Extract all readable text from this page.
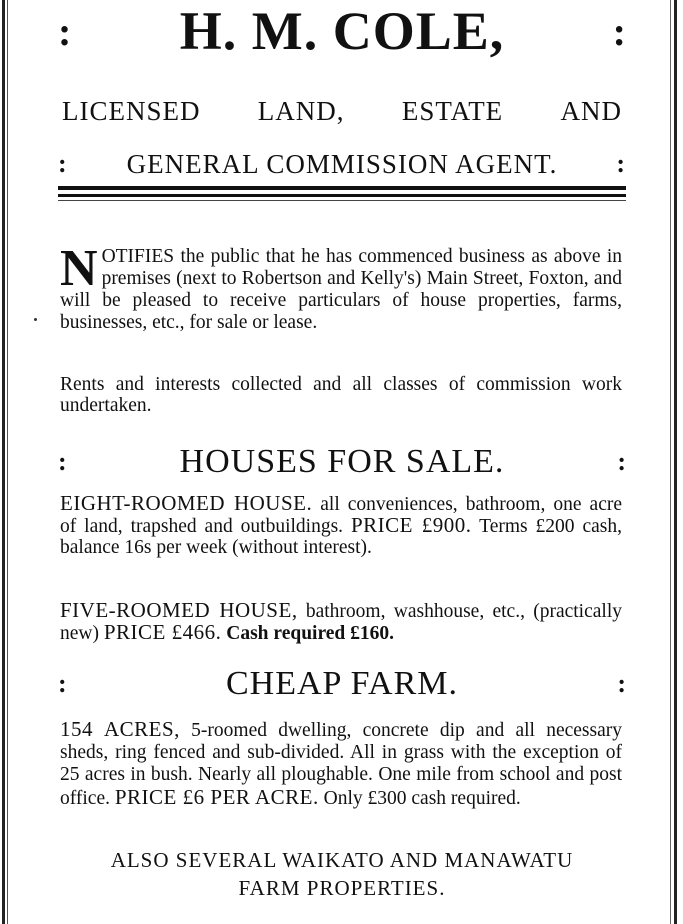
: H. M. COLE,	:
LICENSED LAND, ESTATE AND
: GENERAL COMMISSION AGENT. :
NOTIFIES the public that he has commenced business as above in premises (next to Robertson and Kelly's) Main Street, Foxton, and will be pleased to receive particulars of house properties, farms, businesses, etc., for sale or lease.
Rents and interests collected and all classes of commission work undertaken.
:	HOUSES FOR SALE.	:
EIGHT-ROOMED HOUSE. all conveniences, bathroom, one acre of land, trapshed and outbuildings. PRICE £900. Terms £200 cash, balance 16s per week (without interest).
FIVE-ROOMED HOUSE, bathroom, washhouse, etc., (practically new) PRICE £466. Cash required £160.
:	CHEAP FARM.	:
154 ACRES, 5-roomed dwelling, concrete dip and all necessary sheds, ring fenced and sub-divided. All in grass with the exception of 25 acres in bush. Nearly all ploughable. One mile from school and post office. PRICE £6 PER ACRE. Only £300 cash required.
ALSO SEVERAL WAIKATO AND MANAWATU
FARM PROPERTIES.
